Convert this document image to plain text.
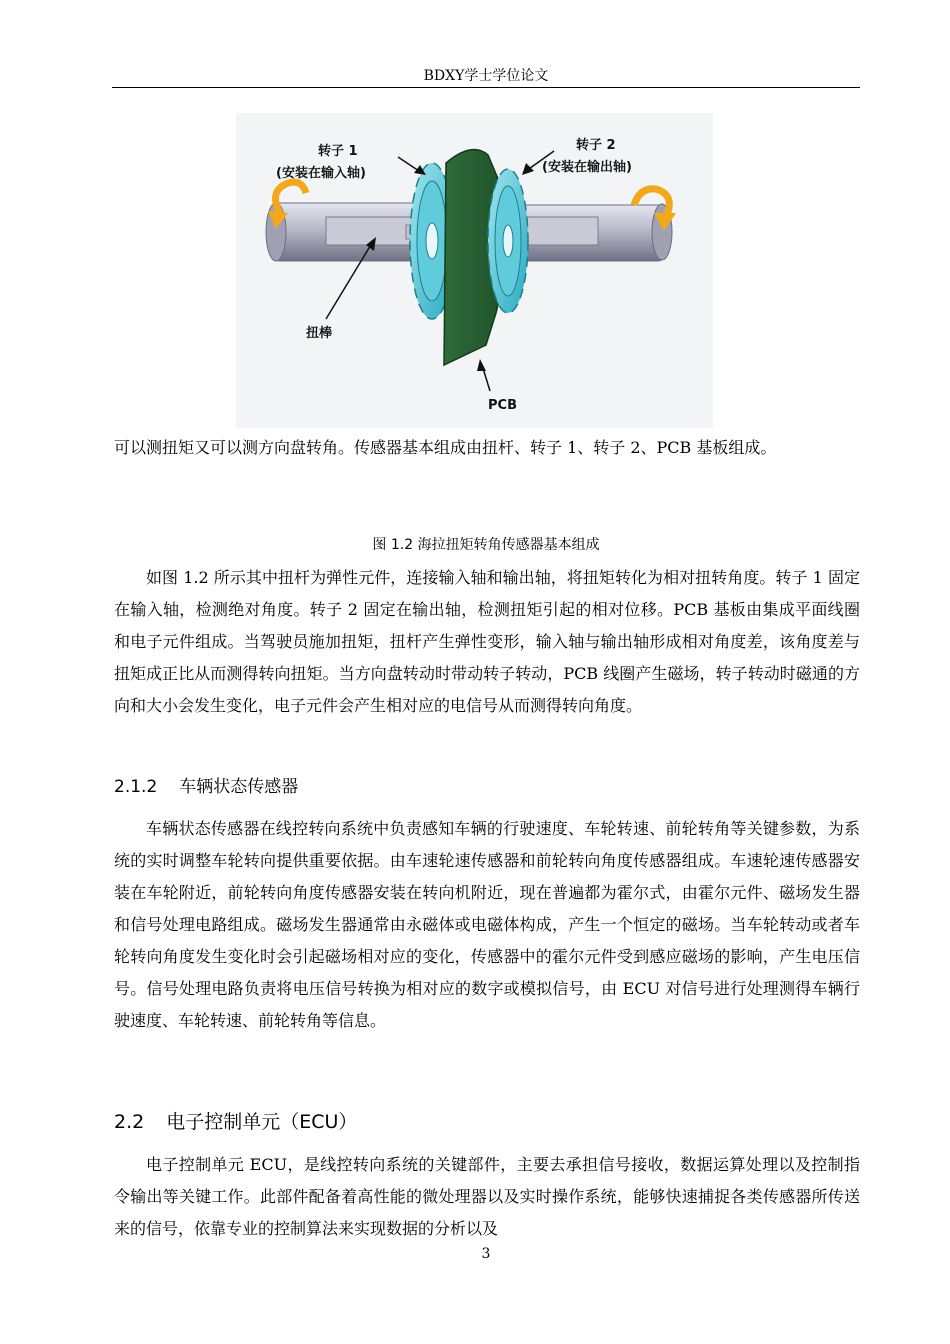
BDXY学士学位论文
转子 1
(安装在输入轴)
转子 2
(安装在输出轴)
扭棒
PCB

可以测扭矩又可以测方向盘转角。传感器基本组成由扭杆、转子 1、转子 2、PCB 基板组成。

图 1.2 海拉扭矩转角传感器基本组成

如图 1.2 所示其中扭杆为弹性元件，连接输入轴和输出轴，将扭矩转化为相对扭转角度。转子 1 固定在输入轴，检测绝对角度。转子 2 固定在输出轴，检测扭矩引起的相对位移。PCB 基板由集成平面线圈和电子元件组成。当驾驶员施加扭矩，扭杆产生弹性变形，输入轴与输出轴形成相对角度差，该角度差与扭矩成正比从而测得转向扭矩。当方向盘转动时带动转子转动，PCB 线圈产生磁场，转子转动时磁通的方向和大小会发生变化，电子元件会产生相对应的电信号从而测得转向角度。

2.1.2 车辆状态传感器

车辆状态传感器在线控转向系统中负责感知车辆的行驶速度、车轮转速、前轮转角等关键参数，为系统的实时调整车轮转向提供重要依据。由车速轮速传感器和前轮转向角度传感器组成。车速轮速传感器安装在车轮附近，前轮转向角度传感器安装在转向机附近，现在普遍都为霍尔式，由霍尔元件、磁场发生器和信号处理电路组成。磁场发生器通常由永磁体或电磁体构成，产生一个恒定的磁场。当车轮转动或者车轮转向角度发生变化时会引起磁场相对应的变化，传感器中的霍尔元件受到感应磁场的影响，产生电压信号。信号处理电路负责将电压信号转换为相对应的数字或模拟信号，由 ECU 对信号进行处理测得车辆行驶速度、车轮转速、前轮转角等信息。

2.2 电子控制单元（ECU）

电子控制单元 ECU，是线控转向系统的关键部件，主要去承担信号接收，数据运算处理以及控制指令输出等关键工作。此部件配备着高性能的微处理器以及实时操作系统，能够快速捕捉各类传感器所传送来的信号，依靠专业的控制算法来实现数据的分析以及

3
